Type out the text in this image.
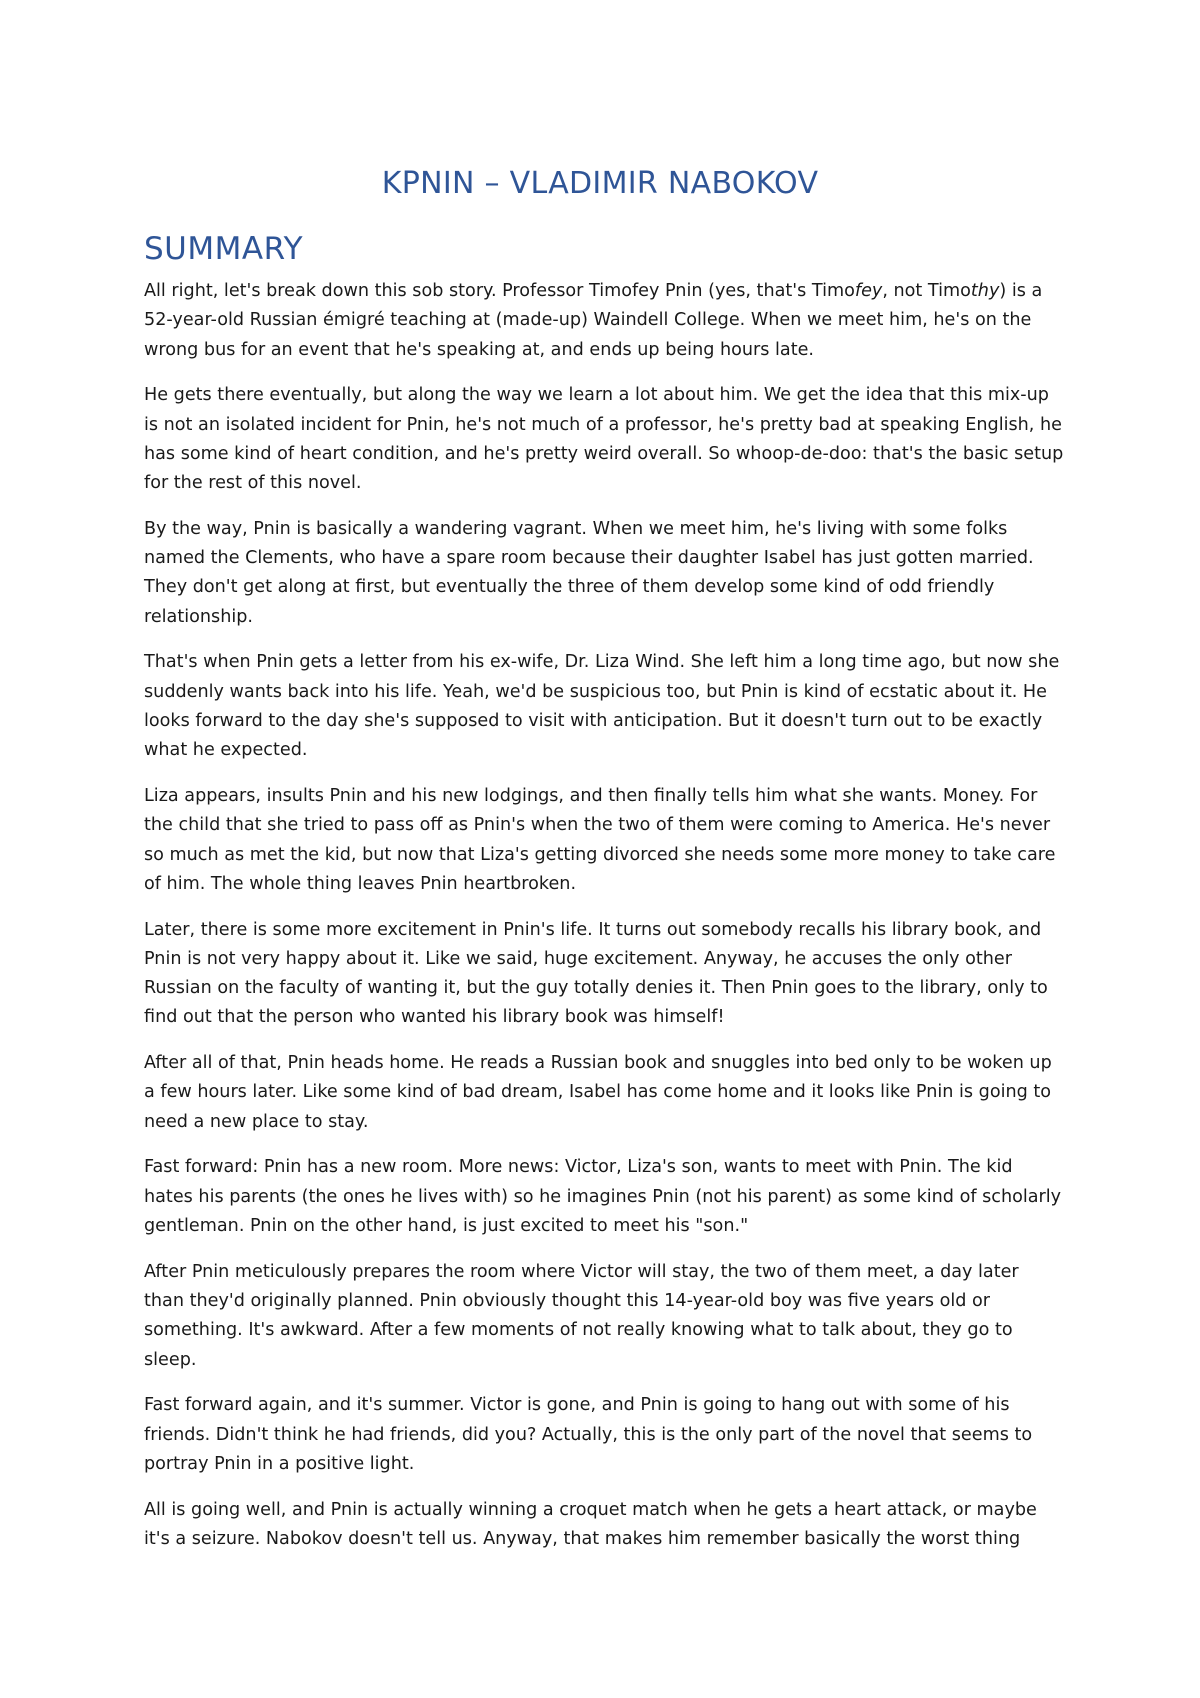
KPNIN – VLADIMIR NABOKOV
SUMMARY

All right, let's break down this sob story. Professor Timofey Pnin (yes, that's Timofey, not Timothy) is a 52-year-old Russian émigré teaching at (made-up) Waindell College. When we meet him, he's on the wrong bus for an event that he's speaking at, and ends up being hours late.

He gets there eventually, but along the way we learn a lot about him. We get the idea that this mix-up is not an isolated incident for Pnin, he's not much of a professor, he's pretty bad at speaking English, he has some kind of heart condition, and he's pretty weird overall. So whoop-de-doo: that's the basic setup for the rest of this novel.

By the way, Pnin is basically a wandering vagrant. When we meet him, he's living with some folks named the Clements, who have a spare room because their daughter Isabel has just gotten married. They don't get along at first, but eventually the three of them develop some kind of odd friendly relationship.

That's when Pnin gets a letter from his ex-wife, Dr. Liza Wind. She left him a long time ago, but now she suddenly wants back into his life. Yeah, we'd be suspicious too, but Pnin is kind of ecstatic about it. He looks forward to the day she's supposed to visit with anticipation. But it doesn't turn out to be exactly what he expected.

Liza appears, insults Pnin and his new lodgings, and then finally tells him what she wants. Money. For the child that she tried to pass off as Pnin's when the two of them were coming to America. He's never so much as met the kid, but now that Liza's getting divorced she needs some more money to take care of him. The whole thing leaves Pnin heartbroken.

Later, there is some more excitement in Pnin's life. It turns out somebody recalls his library book, and Pnin is not very happy about it. Like we said, huge excitement. Anyway, he accuses the only other Russian on the faculty of wanting it, but the guy totally denies it. Then Pnin goes to the library, only to find out that the person who wanted his library book was himself!

After all of that, Pnin heads home. He reads a Russian book and snuggles into bed only to be woken up a few hours later. Like some kind of bad dream, Isabel has come home and it looks like Pnin is going to need a new place to stay.

Fast forward: Pnin has a new room. More news: Victor, Liza's son, wants to meet with Pnin. The kid hates his parents (the ones he lives with) so he imagines Pnin (not his parent) as some kind of scholarly gentleman. Pnin on the other hand, is just excited to meet his "son."

After Pnin meticulously prepares the room where Victor will stay, the two of them meet, a day later than they'd originally planned. Pnin obviously thought this 14-year-old boy was five years old or something. It's awkward. After a few moments of not really knowing what to talk about, they go to sleep.

Fast forward again, and it's summer. Victor is gone, and Pnin is going to hang out with some of his friends. Didn't think he had friends, did you? Actually, this is the only part of the novel that seems to portray Pnin in a positive light.

All is going well, and Pnin is actually winning a croquet match when he gets a heart attack, or maybe it's a seizure. Nabokov doesn't tell us. Anyway, that makes him remember basically the worst thing
